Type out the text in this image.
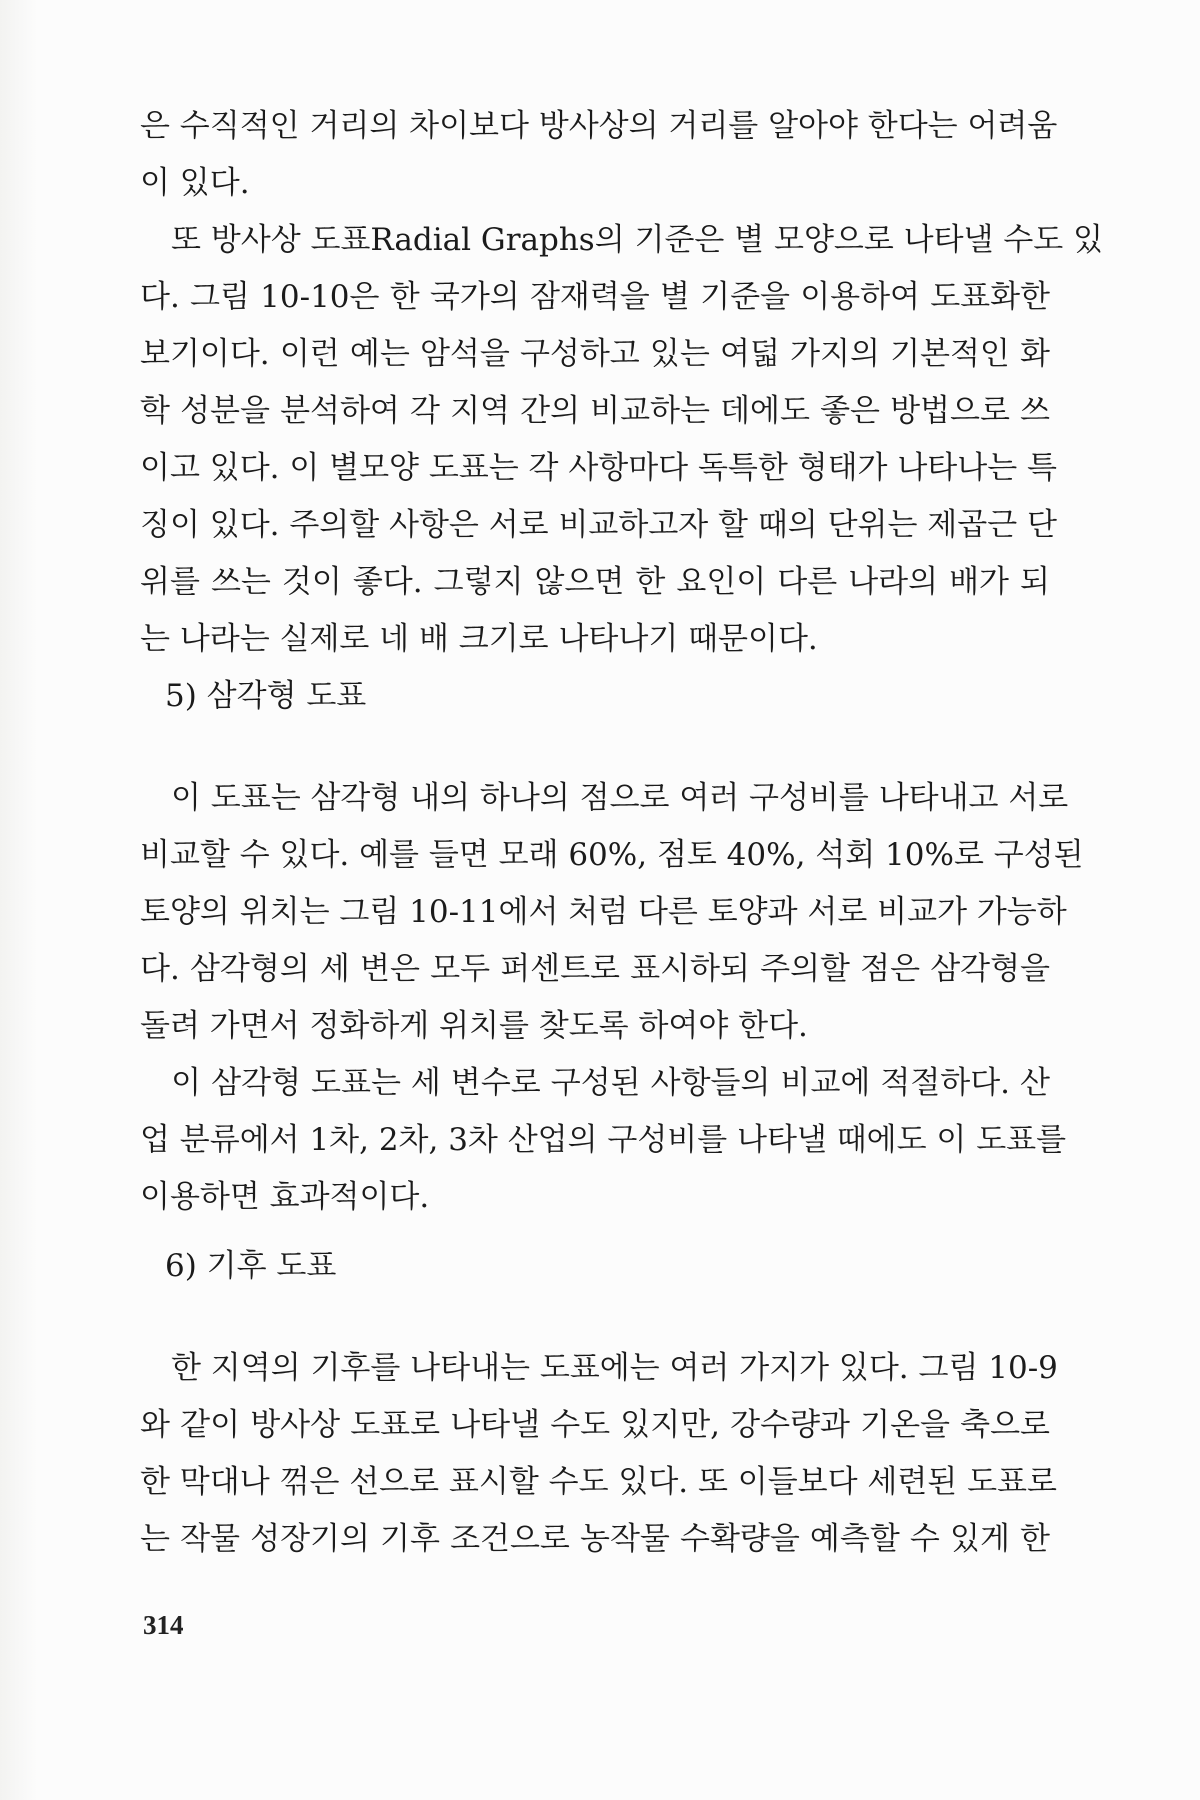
은 수직적인 거리의 차이보다 방사상의 거리를 알아야 한다는 어려움
이 있다.
　또 방사상 도표Radial Graphs의 기준은 별 모양으로 나타낼 수도 있
다. 그림 10-10은 한 국가의 잠재력을 별 기준을 이용하여 도표화한
보기이다. 이런 예는 암석을 구성하고 있는 여덟 가지의 기본적인 화
학 성분을 분석하여 각 지역 간의 비교하는 데에도 좋은 방법으로 쓰
이고 있다. 이 별모양 도표는 각 사항마다 독특한 형태가 나타나는 특
징이 있다. 주의할 사항은 서로 비교하고자 할 때의 단위는 제곱근 단
위를 쓰는 것이 좋다. 그렇지 않으면 한 요인이 다른 나라의 배가 되
는 나라는 실제로 네 배 크기로 나타나기 때문이다.
5) 삼각형 도표
　이 도표는 삼각형 내의 하나의 점으로 여러 구성비를 나타내고 서로
비교할 수 있다. 예를 들면 모래 60%, 점토 40%, 석회 10%로 구성된
토양의 위치는 그림 10-11에서 처럼 다른 토양과 서로 비교가 가능하
다. 삼각형의 세 변은 모두 퍼센트로 표시하되 주의할 점은 삼각형을
돌려 가면서 정화하게 위치를 찾도록 하여야 한다.
　이 삼각형 도표는 세 변수로 구성된 사항들의 비교에 적절하다. 산
업 분류에서 1차, 2차, 3차 산업의 구성비를 나타낼 때에도 이 도표를
이용하면 효과적이다.
6) 기후 도표
　한 지역의 기후를 나타내는 도표에는 여러 가지가 있다. 그림 10-9
와 같이 방사상 도표로 나타낼 수도 있지만, 강수량과 기온을 축으로
한 막대나 꺾은 선으로 표시할 수도 있다. 또 이들보다 세련된 도표로
는 작물 성장기의 기후 조건으로 농작물 수확량을 예측할 수 있게 한
314
